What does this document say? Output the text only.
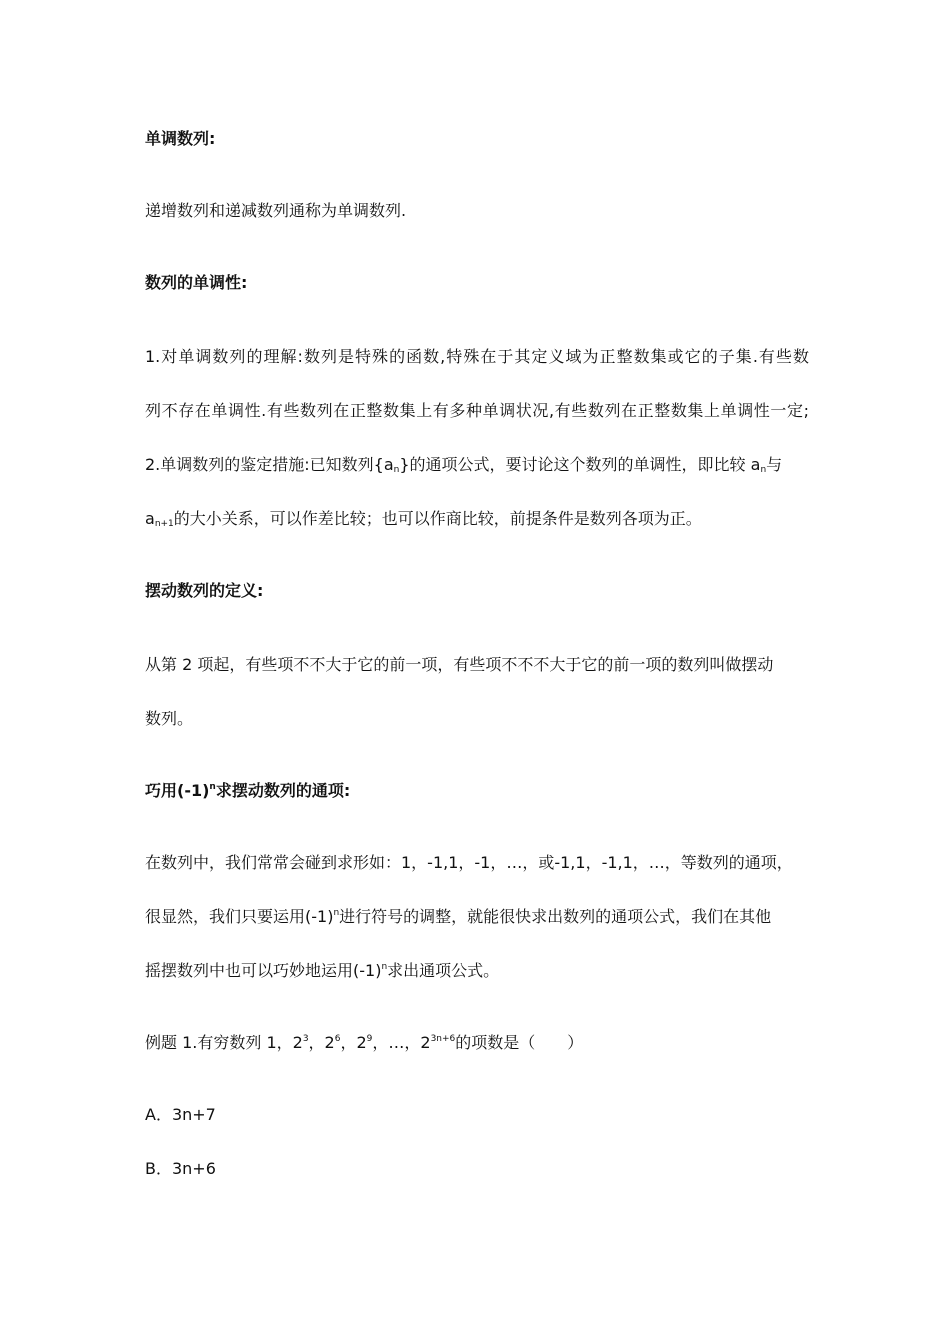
单调数列:
递增数列和递减数列通称为单调数列.
数列的单调性:
1.对单调数列的理解:数列是特殊的函数,特殊在于其定义域为正整数集或它的子集.有些数
列不存在单调性.有些数列在正整数集上有多种单调状况,有些数列在正整数集上单调性一定;
2.单调数列的鉴定措施:已知数列$\{a_n\}$的通项公式，要讨论这个数列的单调性，即比较 $a_n$与
$a_{n+1}$的大小关系，可以作差比较；也可以作商比较，前提条件是数列各项为正。
摆动数列的定义:
从第 2 项起，有些项不不大于它的前一项，有些项不不不大于它的前一项的数列叫做摆动
数列。
巧用$(-1)^n$求摆动数列的通项:
在数列中，我们常常会碰到求形如：1，-1,1，-1，…，或-1,1，-1,1，…，等数列的通项，
很显然，我们只要运用$(-1)^n$进行符号的调整，就能很快求出数列的通项公式，我们在其他
摇摆数列中也可以巧妙地运用$(-1)^n$求出通项公式。
例题 1.有穷数列 1，$2^3$，$2^6$，$2^9$，…，$2^{3n+6}$的项数是（　　）
A．3n+7
B．3n+6
